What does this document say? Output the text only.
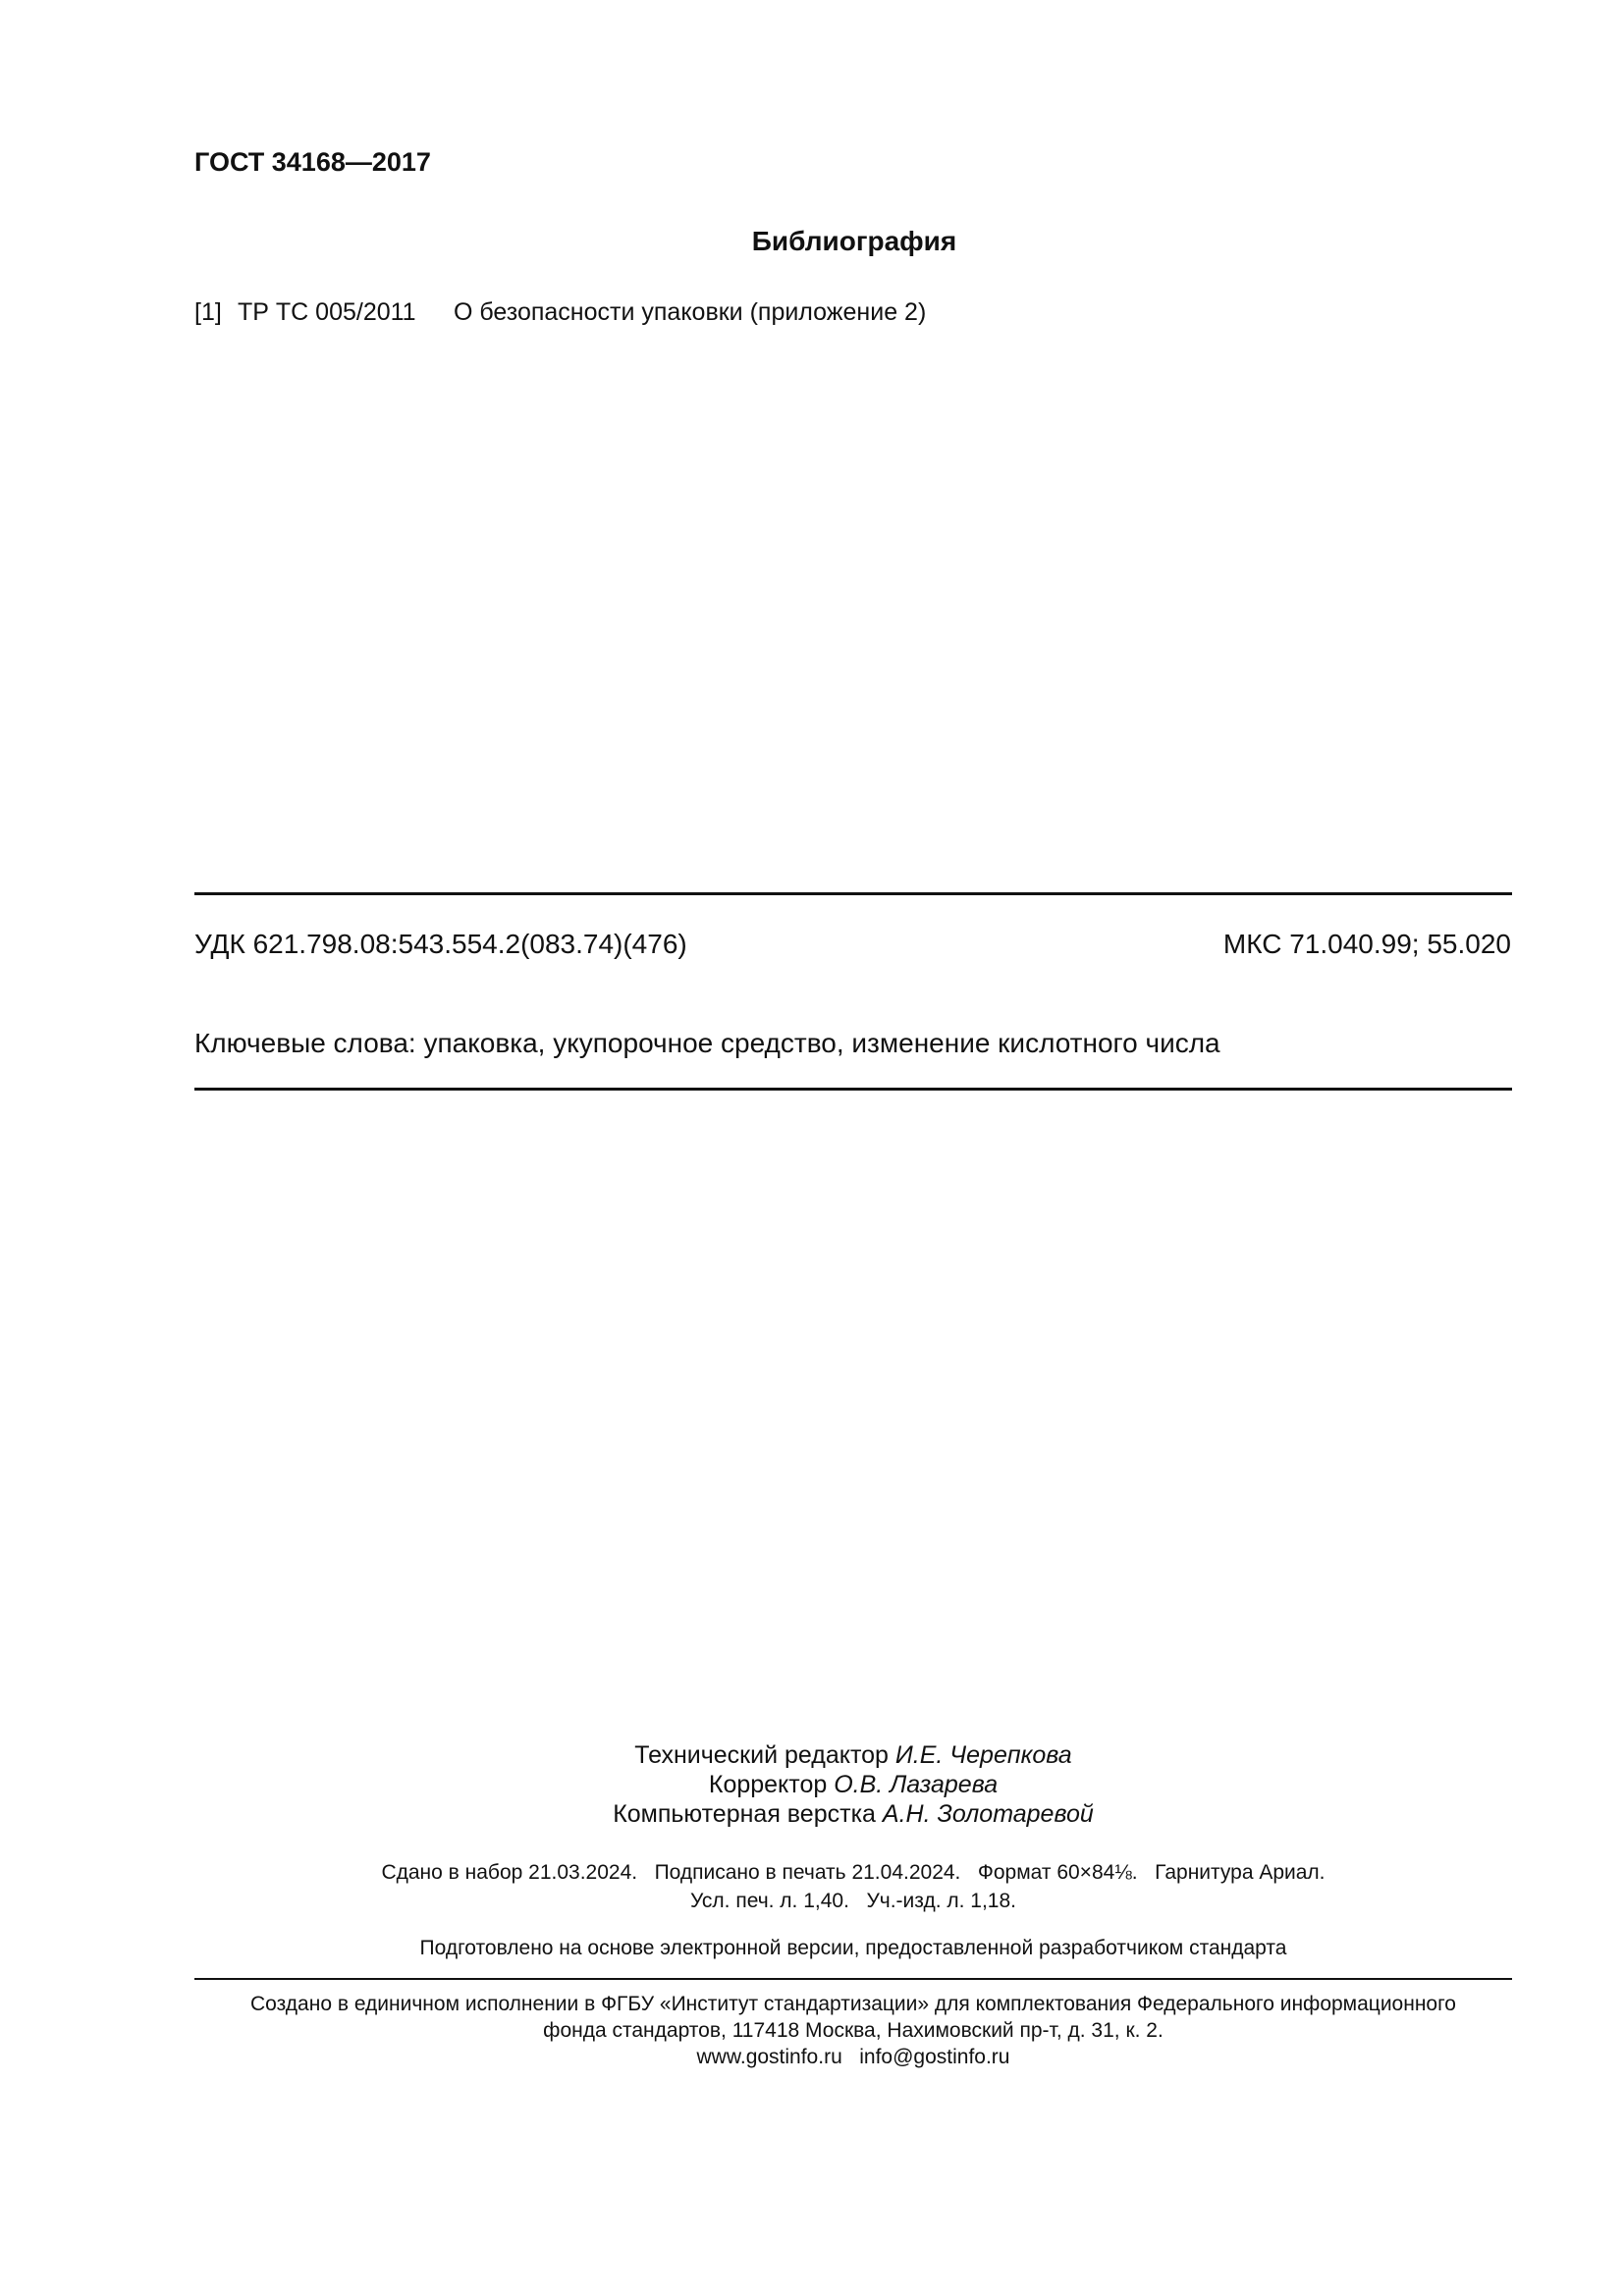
ГОСТ 34168—2017
Библиография
[1] ТР ТС 005/2011 О безопасности упаковки (приложение 2)
УДК 621.798.08:543.554.2(083.74)(476)	МКС 71.040.99; 55.020
Ключевые слова: упаковка, укупорочное средство, изменение кислотного числа
Технический редактор И.Е. Черепкова
Корректор О.В. Лазарева
Компьютерная верстка А.Н. Золотаревой
Сдано в набор 21.03.2024.   Подписано в печать 21.04.2024.   Формат 60×84⅛.   Гарнитура Ариал.
Усл. печ. л. 1,40.   Уч.-изд. л. 1,18.
Подготовлено на основе электронной версии, предоставленной разработчиком стандарта
Создано в единичном исполнении в ФГБУ «Институт стандартизации» для комплектования Федерального информационного
фонда стандартов, 117418 Москва, Нахимовский пр-т, д. 31, к. 2.
www.gostinfo.ru   info@gostinfo.ru
